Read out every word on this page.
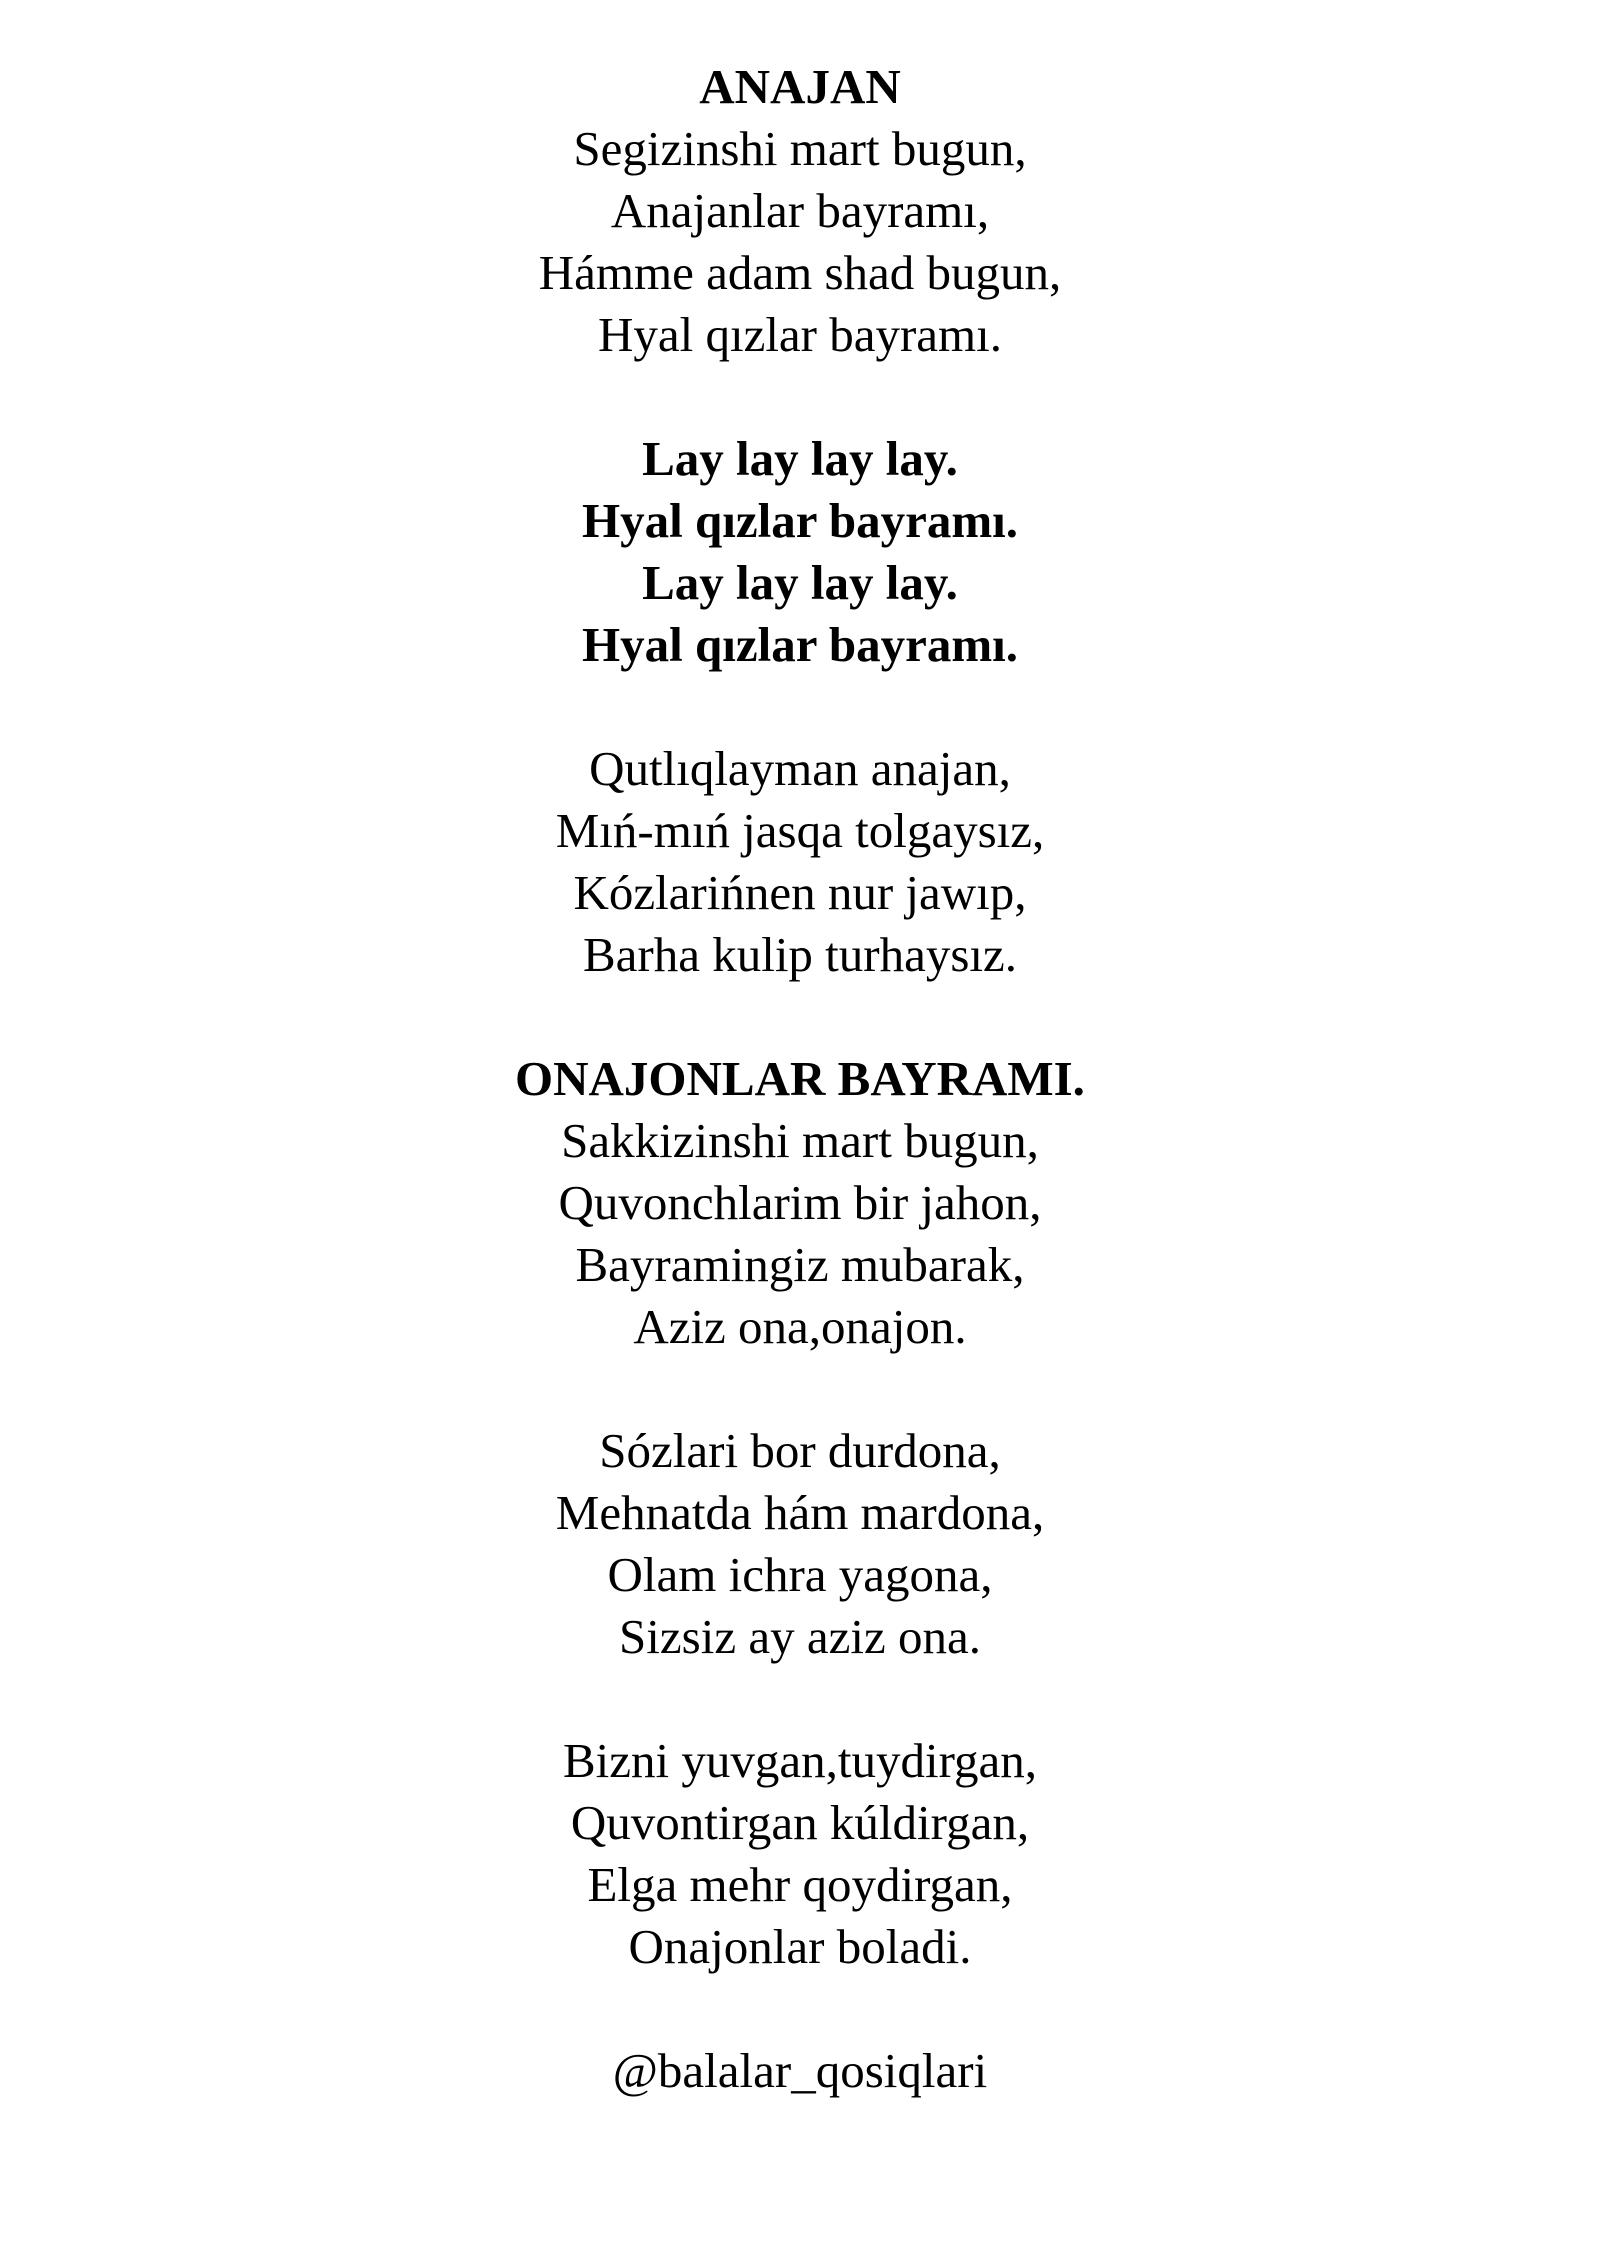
ANAJAN
Segizinshi mart bugun,
Anajanlar bayramı,
Hámme adam shad bugun,
Hyal qızlar bayramı.
Lay lay lay lay.
Hyal qızlar bayramı.
Lay lay lay lay.
Hyal qızlar bayramı.
Qutlıqlayman anajan,
Mıń-mıń jasqa tolgaysız,
Kózlarińnen nur jawıp,
Barha kulip turhaysız.
ONAJONLAR BAYRAMI.
Sakkizinshi mart bugun,
Quvonchlarim bir jahon,
Bayramingiz mubarak,
Aziz ona,onajon.
Sózlari bor durdona,
Mehnatda hám mardona,
Olam ichra yagona,
Sizsiz ay aziz ona.
Bizni yuvgan,tuydirgan,
Quvontirgan kúldirgan,
Elga mehr qoydirgan,
Onajonlar boladi.
@balalar_qosiqlari
